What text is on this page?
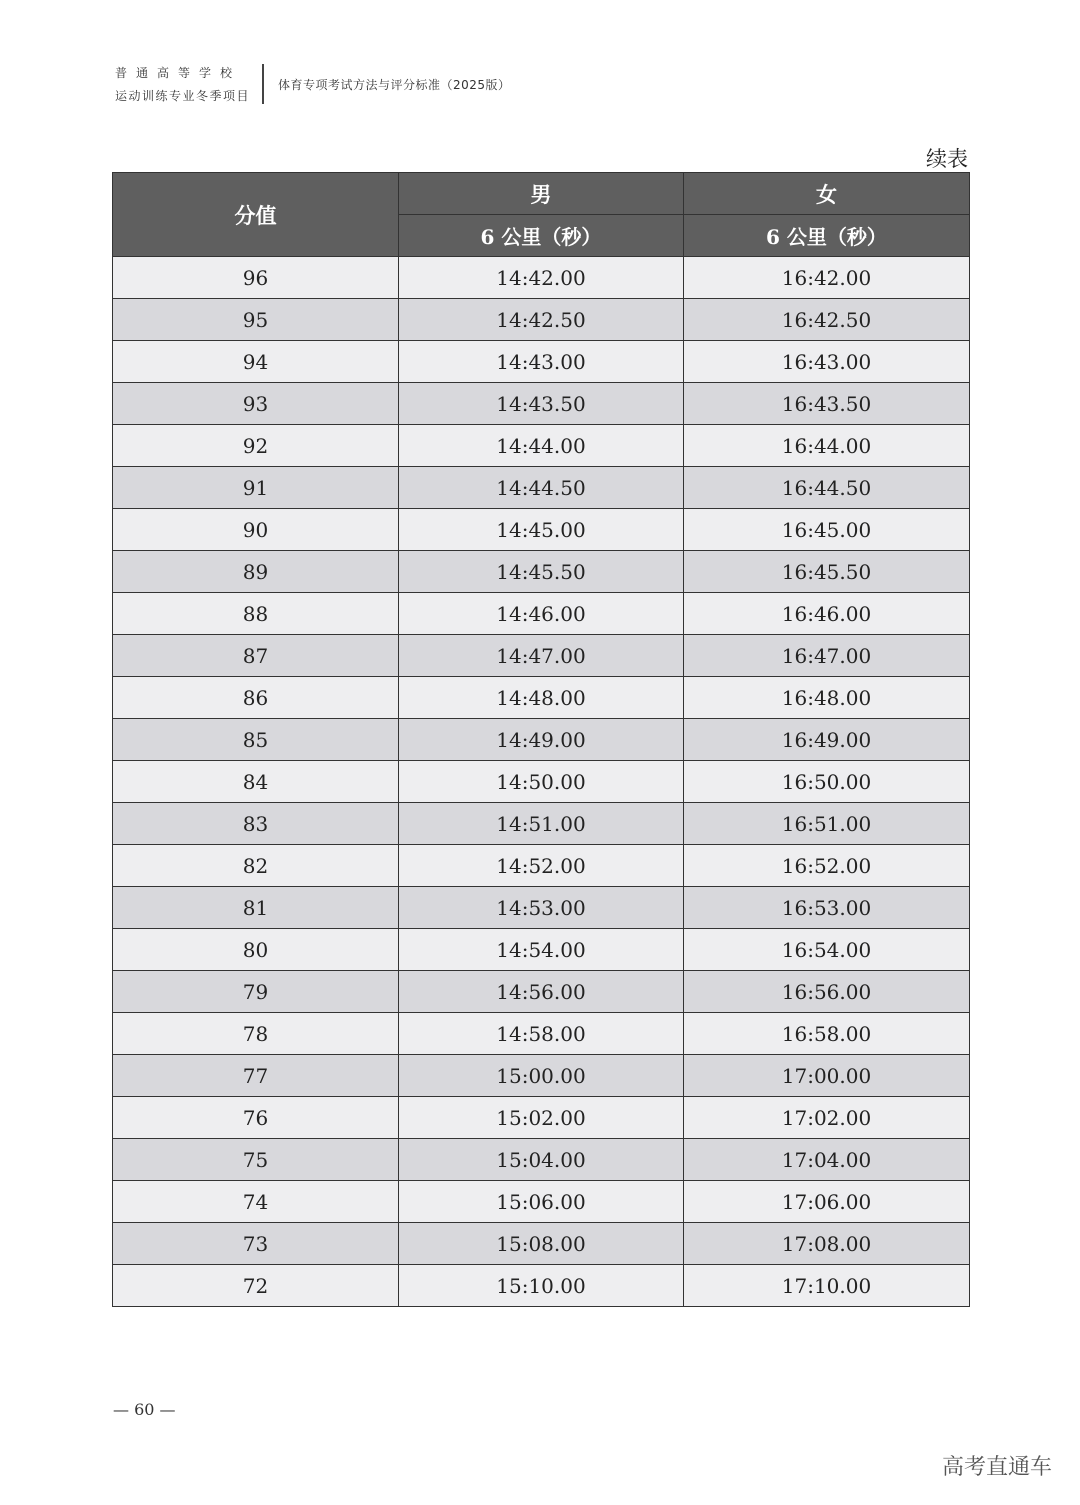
普通高等学校
运动训练专业冬季项目
体育专项考试方法与评分标准（2025版）
续表
分值	男	女
	6 公里（秒）	6 公里（秒）
96	14:42.00	16:42.00
95	14:42.50	16:42.50
94	14:43.00	16:43.00
93	14:43.50	16:43.50
92	14:44.00	16:44.00
91	14:44.50	16:44.50
90	14:45.00	16:45.00
89	14:45.50	16:45.50
88	14:46.00	16:46.00
87	14:47.00	16:47.00
86	14:48.00	16:48.00
85	14:49.00	16:49.00
84	14:50.00	16:50.00
83	14:51.00	16:51.00
82	14:52.00	16:52.00
81	14:53.00	16:53.00
80	14:54.00	16:54.00
79	14:56.00	16:56.00
78	14:58.00	16:58.00
77	15:00.00	17:00.00
76	15:02.00	17:02.00
75	15:04.00	17:04.00
74	15:06.00	17:06.00
73	15:08.00	17:08.00
72	15:10.00	17:10.00
— 60 —
高考直通车
